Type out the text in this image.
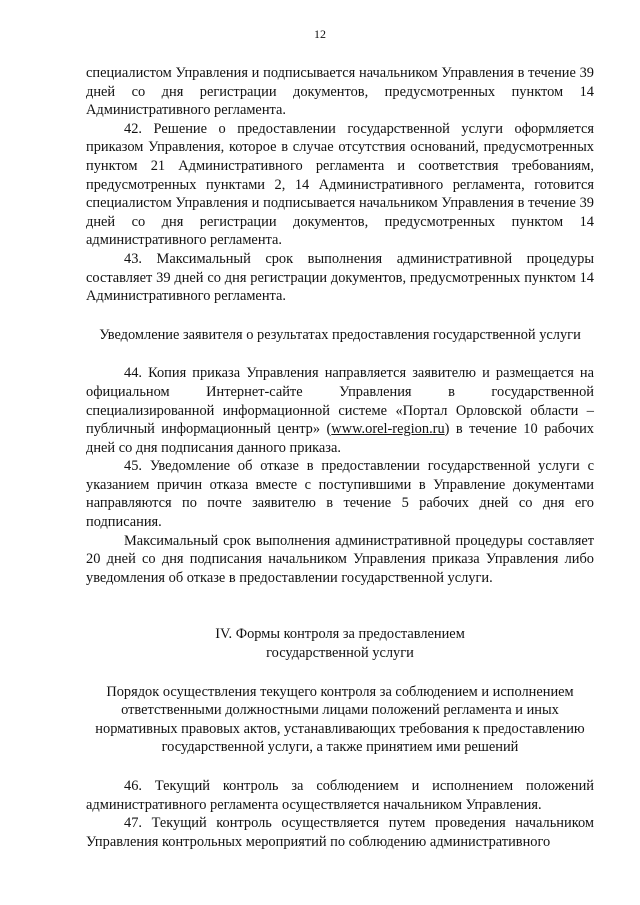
12

специалистом Управления и подписывается начальником Управления в течение 39 дней со дня регистрации документов, предусмотренных пунктом 14 Административного регламента.

42. Решение о предоставлении государственной услуги оформляется приказом Управления, которое в случае отсутствия оснований, предусмотренных пунктом 21 Административного регламента и соответствия требованиям, предусмотренных пунктами 2, 14 Административного регламента, готовится специалистом Управления и подписывается начальником Управления в течение 39 дней со дня регистрации документов, предусмотренных пунктом 14 административного регламента.

43. Максимальный срок выполнения административной процедуры составляет 39 дней со дня регистрации документов, предусмотренных пунктом 14 Административного регламента.

Уведомление заявителя о результатах предоставления государственной услуги

44. Копия приказа Управления направляется заявителю и размещается на официальном Интернет-сайте Управления в государственной специализированной информационной системе «Портал Орловской области – публичный информационный центр» (www.orel-region.ru) в течение 10 рабочих дней со дня подписания данного приказа.

45. Уведомление об отказе в предоставлении государственной услуги с указанием причин отказа вместе с поступившими в Управление документами направляются по почте заявителю в течение 5 рабочих дней со дня его подписания.

Максимальный срок выполнения административной процедуры составляет 20 дней со дня подписания начальником Управления приказа Управления либо уведомления об отказе в предоставлении государственной услуги.

IV. Формы контроля за предоставлением

государственной услуги

Порядок осуществления текущего контроля за соблюдением и исполнением ответственными должностными лицами положений регламента и иных нормативных правовых актов, устанавливающих требования к предоставлению государственной услуги, а также принятием ими решений

46. Текущий контроль за соблюдением и исполнением положений административного регламента осуществляется начальником Управления.

47. Текущий контроль осуществляется путем проведения начальником Управления контрольных мероприятий по соблюдению административного
